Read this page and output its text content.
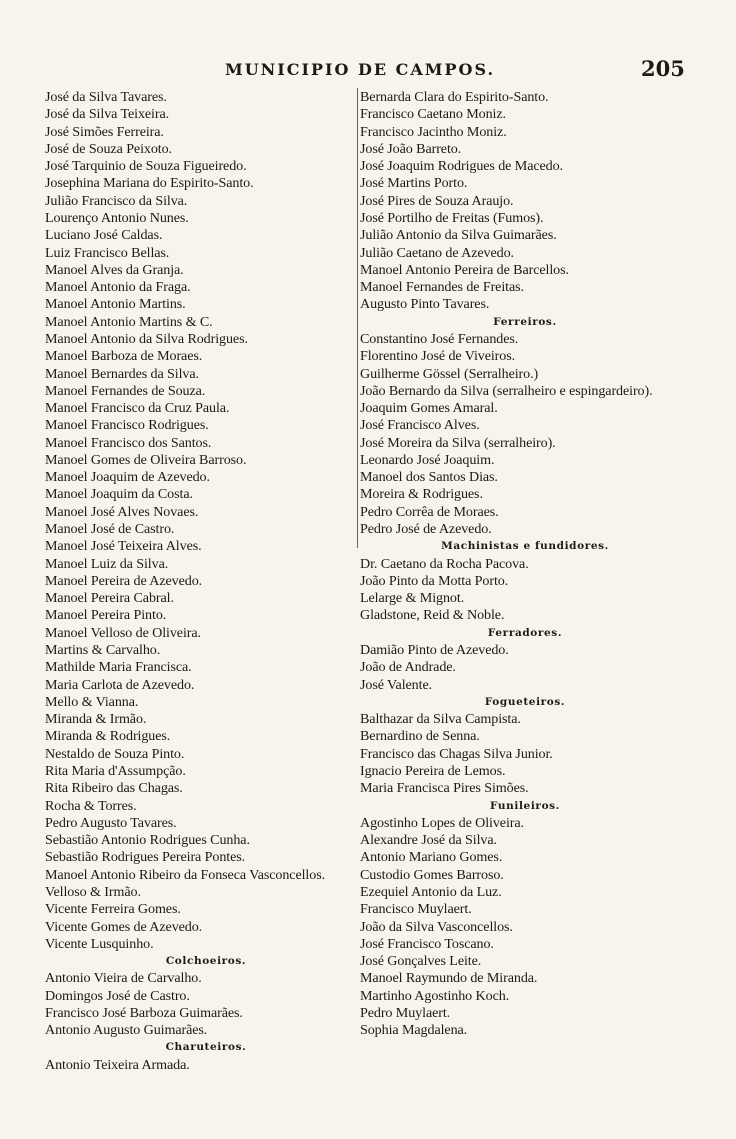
MUNICIPIO DE CAMPOS.	205
José da Silva Tavares.
José da Silva Teixeira.
José Simões Ferreira.
José de Souza Peixoto.
José Tarquinio de Souza Figueiredo.
Josephina Mariana do Espirito-Santo.
Julião Francisco da Silva.
Lourenço Antonio Nunes.
Luciano José Caldas.
Luiz Francisco Bellas.
Manoel Alves da Granja.
Manoel Antonio da Fraga.
Manoel Antonio Martins.
Manoel Antonio Martins & C.
Manoel Antonio da Silva Rodrigues.
Manoel Barboza de Moraes.
Manoel Bernardes da Silva.
Manoel Fernandes de Souza.
Manoel Francisco da Cruz Paula.
Manoel Francisco Rodrigues.
Manoel Francisco dos Santos.
Manoel Gomes de Oliveira Barroso.
Manoel Joaquim de Azevedo.
Manoel Joaquim da Costa.
Manoel José Alves Novaes.
Manoel José de Castro.
Manoel José Teixeira Alves.
Manoel Luiz da Silva.
Manoel Pereira de Azevedo.
Manoel Pereira Cabral.
Manoel Pereira Pinto.
Manoel Velloso de Oliveira.
Martins & Carvalho.
Mathilde Maria Francisca.
Maria Carlota de Azevedo.
Mello & Vianna.
Miranda & Irmão.
Miranda & Rodrigues.
Nestaldo de Souza Pinto.
Rita Maria d'Assumpção.
Rita Ribeiro das Chagas.
Rocha & Torres.
Pedro Augusto Tavares.
Sebastião Antonio Rodrigues Cunha.
Sebastião Rodrigues Pereira Pontes.
Manoel Antonio Ribeiro da Fonseca Vasconcellos.
Velloso & Irmão.
Vicente Ferreira Gomes.
Vicente Gomes de Azevedo.
Vicente Lusquinho.
Colchoeiros.
Antonio Vieira de Carvalho.
Domingos José de Castro.
Francisco José Barboza Guimarães.
Antonio Augusto Guimarães.
Charuteiros.
Antonio Teixeira Armada.
Bernarda Clara do Espirito-Santo.
Francisco Caetano Moniz.
Francisco Jacintho Moniz.
José João Barreto.
José Joaquim Rodrigues de Macedo.
José Martins Porto.
José Pires de Souza Araujo.
José Portilho de Freitas (Fumos).
Julião Antonio da Silva Guimarães.
Julião Caetano de Azevedo.
Manoel Antonio Pereira de Barcellos.
Manoel Fernandes de Freitas.
Augusto Pinto Tavares.
Ferreiros.
Constantino José Fernandes.
Florentino José de Viveiros.
Guilherme Gössel (Serralheiro.)
João Bernardo da Silva (serralheiro e espingardeiro).
Joaquim Gomes Amaral.
José Francisco Alves.
José Moreira da Silva (serralheiro).
Leonardo José Joaquim.
Manoel dos Santos Dias.
Moreira & Rodrigues.
Pedro Corrêa de Moraes.
Pedro José de Azevedo.
Machinistas e fundidores.
Dr. Caetano da Rocha Pacova.
João Pinto da Motta Porto.
Lelarge & Mignot.
Gladstone, Reid & Noble.
Ferradores.
Damião Pinto de Azevedo.
João de Andrade.
José Valente.
Fogueteiros.
Balthazar da Silva Campista.
Bernardino de Senna.
Francisco das Chagas Silva Junior.
Ignacio Pereira de Lemos.
Maria Francisca Pires Simões.
Funileiros.
Agostinho Lopes de Oliveira.
Alexandre José da Silva.
Antonio Mariano Gomes.
Custodio Gomes Barroso.
Ezequiel Antonio da Luz.
Francisco Muylaert.
João da Silva Vasconcellos.
José Francisco Toscano.
José Gonçalves Leite.
Manoel Raymundo de Miranda.
Martinho Agostinho Koch.
Pedro Muylaert.
Sophia Magdalena.
